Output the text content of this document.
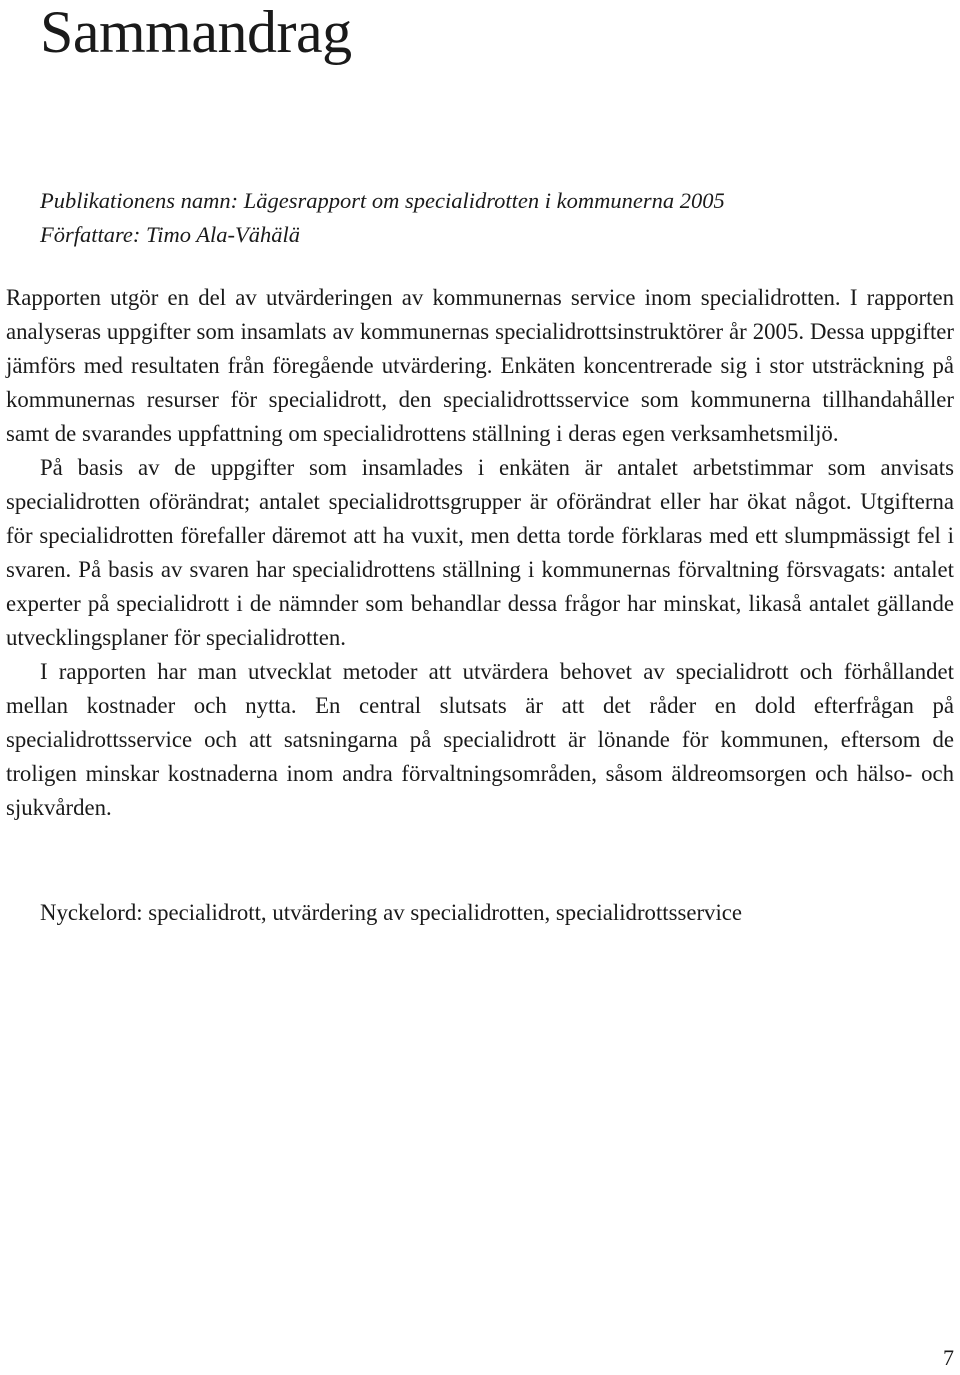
Sammandrag
Publikationens namn: Lägesrapport om specialidrotten i kommunerna 2005
Författare: Timo Ala-Vähälä

Rapporten utgör en del av utvärderingen av kommunernas service inom specialidrotten. I rapporten analyseras uppgifter som insamlats av kommunernas specialidrottsinstruktörer år 2005. Dessa uppgifter jämförs med resultaten från föregående utvärdering. Enkäten koncentrerade sig i stor utsträckning på kommunernas resurser för specialidrott, den specialidrottsservice som kommunerna tillhandahåller samt de svarandes uppfattning om specialidrottens ställning i deras egen verksamhetsmiljö.

På basis av de uppgifter som insamlades i enkäten är antalet arbetstimmar som anvisats specialidrotten oförändrat; antalet specialidrottsgrupper är oförändrat eller har ökat något. Utgifterna för specialidrotten förefaller däremot att ha vuxit, men detta torde förklaras med ett slumpmässigt fel i svaren. På basis av svaren har specialidrottens ställning i kommunernas förvaltning försvagats: antalet experter på specialidrott i de nämnder som behandlar dessa frågor har minskat, likaså antalet gällande utvecklingsplaner för specialidrotten.

I rapporten har man utvecklat metoder att utvärdera behovet av specialidrott och förhållandet mellan kostnader och nytta. En central slutsats är att det råder en dold efterfrågan på specialidrottsservice och att satsningarna på specialidrott är lönande för kommunen, eftersom de troligen minskar kostnaderna inom andra förvaltningsområden, såsom äldreomsorgen och hälso- och sjukvården.

Nyckelord: specialidrott, utvärdering av specialidrotten, specialidrottsservice
7
